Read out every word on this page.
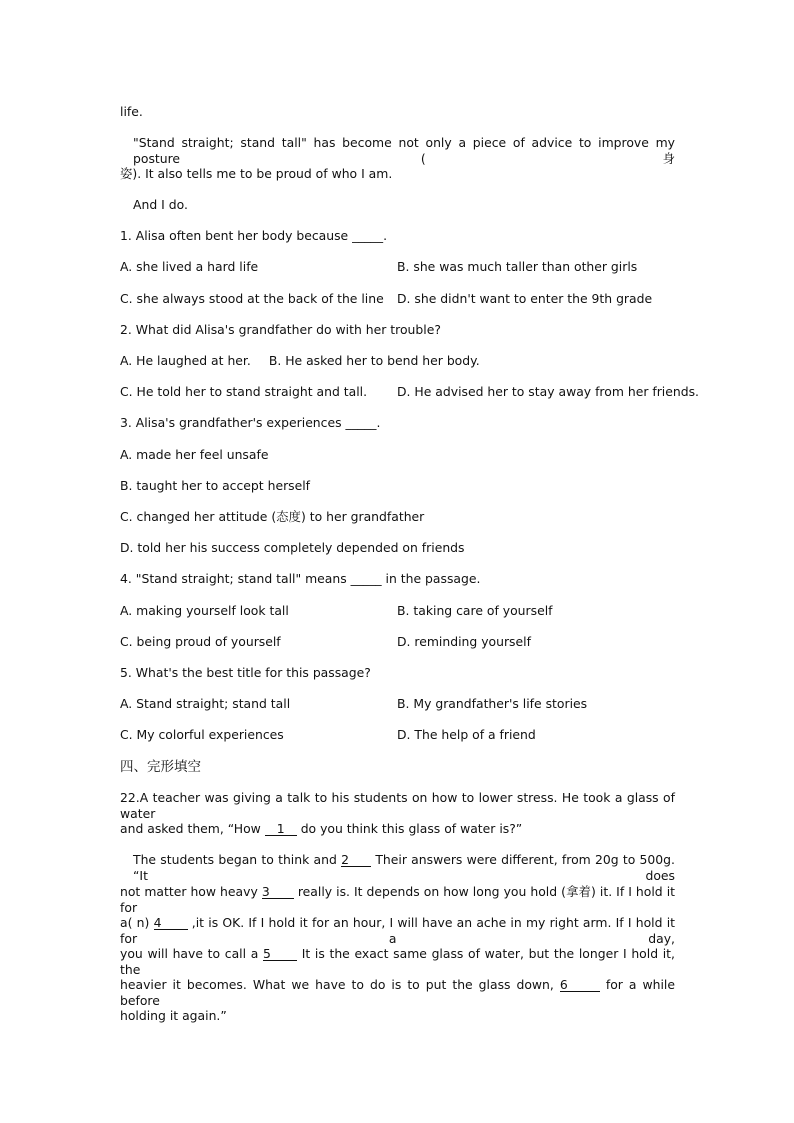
life.
"Stand straight; stand tall" has become not only a piece of advice to improve my posture (身
姿). It also tells me to be proud of who I am.
And I do.
1. Alisa often bent her body because _____.
A. she lived a hard life	B. she was much taller than other girls
C. she always stood at the back of the line	D. she didn't want to enter the 9th grade
2. What did Alisa's grandfather do with her trouble?
A. He laughed at her. B. He asked her to bend her body.
C. He told her to stand straight and tall.	D. He advised her to stay away from her friends.
3. Alisa's grandfather's experiences _____.
A. made her feel unsafe
B. taught her to accept herself
C. changed her attitude (态度) to her grandfather
D. told her his success completely depended on friends
4. "Stand straight; stand tall" means _____ in the passage.
A. making yourself look tall	B. taking care of yourself
C. being proud of yourself	D. reminding yourself
5. What's the best title for this passage?
A. Stand straight; stand tall	B. My grandfather's life stories
C. My colorful experiences	D. The help of a friend
四、完形填空
22.A teacher was giving a talk to his students on how to lower stress. He took a glass of water
and asked them, “How 1 do you think this glass of water is?”
The students began to think and 2 Their answers were different, from 20g to 500g. “It does
not matter how heavy 3 really is. It depends on how long you hold (拿着) it. If I hold it for
a( n) 4 ,it is OK. If I hold it for an hour, I will have an ache in my right arm. If I hold it for a day,
you will have to call a 5 It is the exact same glass of water, but the longer I hold it, the
heavier it becomes. What we have to do is to put the glass down, 6	for a while before
holding it again.”
